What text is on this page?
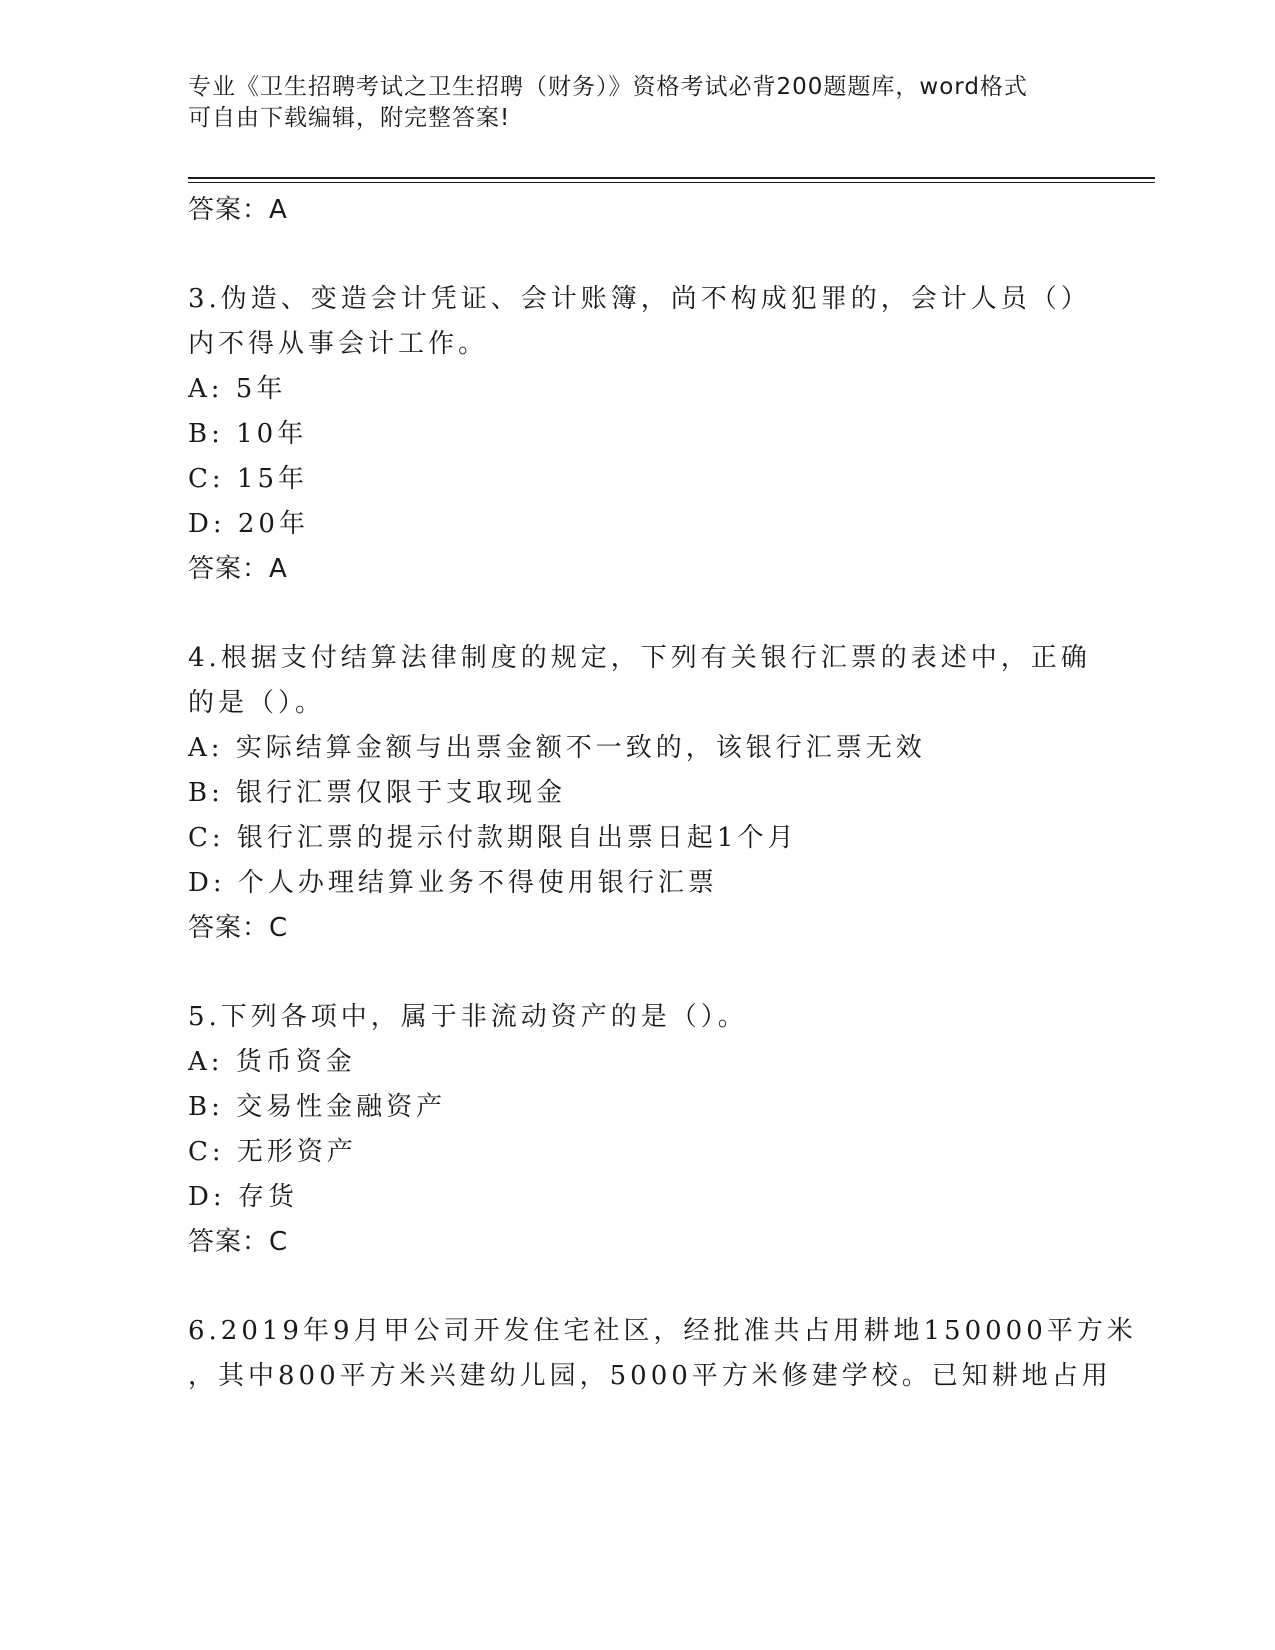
专业《卫生招聘考试之卫生招聘（财务）》资格考试必背200题题库，word格式
可自由下载编辑，附完整答案!
答案：A
3.伪造、变造会计凭证、会计账簿，尚不构成犯罪的，会计人员（）
内不得从事会计工作。
A: 5年
B: 10年
C: 15年
D: 20年
答案：A
4.根据支付结算法律制度的规定，下列有关银行汇票的表述中，正确
的是（）。
A: 实际结算金额与出票金额不一致的，该银行汇票无效
B: 银行汇票仅限于支取现金
C: 银行汇票的提示付款期限自出票日起1个月
D: 个人办理结算业务不得使用银行汇票
答案：C
5.下列各项中，属于非流动资产的是（）。
A: 货币资金
B: 交易性金融资产
C: 无形资产
D: 存货
答案：C
6.2019年9月甲公司开发住宅社区，经批准共占用耕地150000平方米
，其中800平方米兴建幼儿园，5000平方米修建学校。已知耕地占用
